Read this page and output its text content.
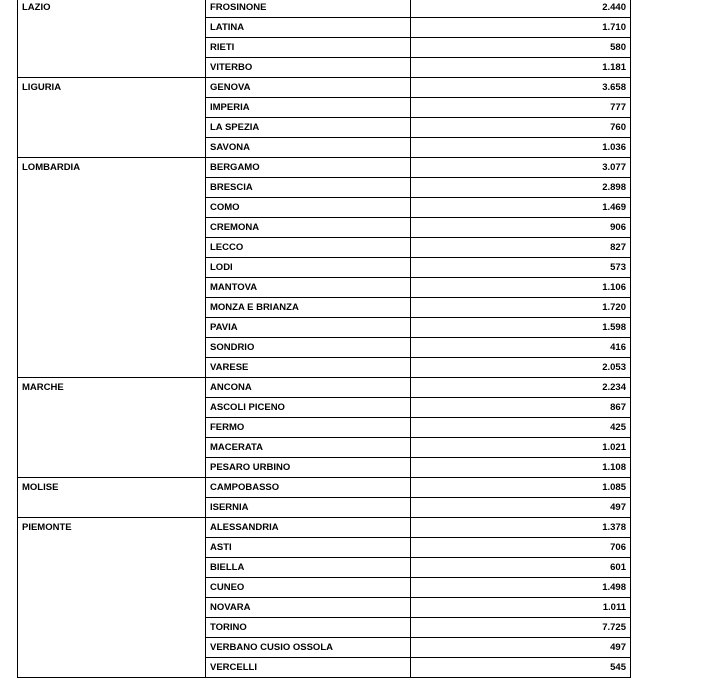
LAZIO	FROSINONE	2.440
	LATINA	1.710
	RIETI	580
	VITERBO	1.181
LIGURIA	GENOVA	3.658
	IMPERIA	777
	LA SPEZIA	760
	SAVONA	1.036
LOMBARDIA	BERGAMO	3.077
	BRESCIA	2.898
	COMO	1.469
	CREMONA	906
	LECCO	827
	LODI	573
	MANTOVA	1.106
	MONZA E BRIANZA	1.720
	PAVIA	1.598
	SONDRIO	416
	VARESE	2.053
MARCHE	ANCONA	2.234
	ASCOLI PICENO	867
	FERMO	425
	MACERATA	1.021
	PESARO URBINO	1.108
MOLISE	CAMPOBASSO	1.085
	ISERNIA	497
PIEMONTE	ALESSANDRIA	1.378
	ASTI	706
	BIELLA	601
	CUNEO	1.498
	NOVARA	1.011
	TORINO	7.725
	VERBANO CUSIO OSSOLA	497
	VERCELLI	545
